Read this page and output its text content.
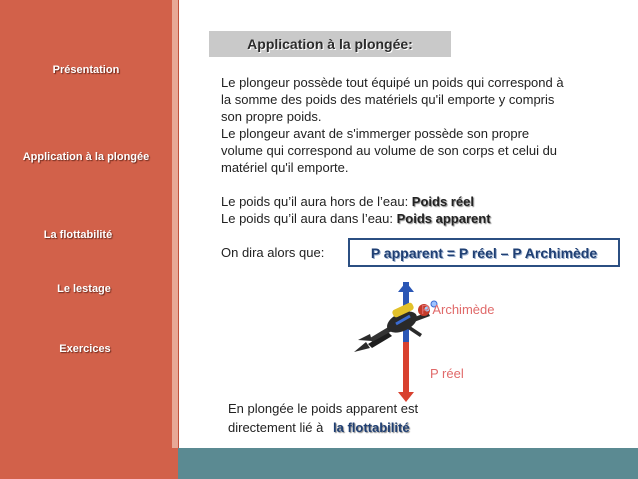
Présentation
Application à la plongée
La flottabilité
Le lestage
Exercices
Application à la plongée:
Le plongeur possède tout équipé un poids qui correspond à
la somme des poids des matériels qu'il emporte y compris
son propre poids.
Le plongeur avant de s'immerger possède son propre
volume qui correspond au volume de son corps et celui du
matériel qu'il emporte.
Le poids qu’il aura hors de l’eau: Poids réel
Le poids qu’il aura dans l’eau: Poids apparent
On dira alors que:	P apparent = P réel – P Archimède
P Archimède
P réel
En plongée le poids apparent est
directement lié à la flottabilité
